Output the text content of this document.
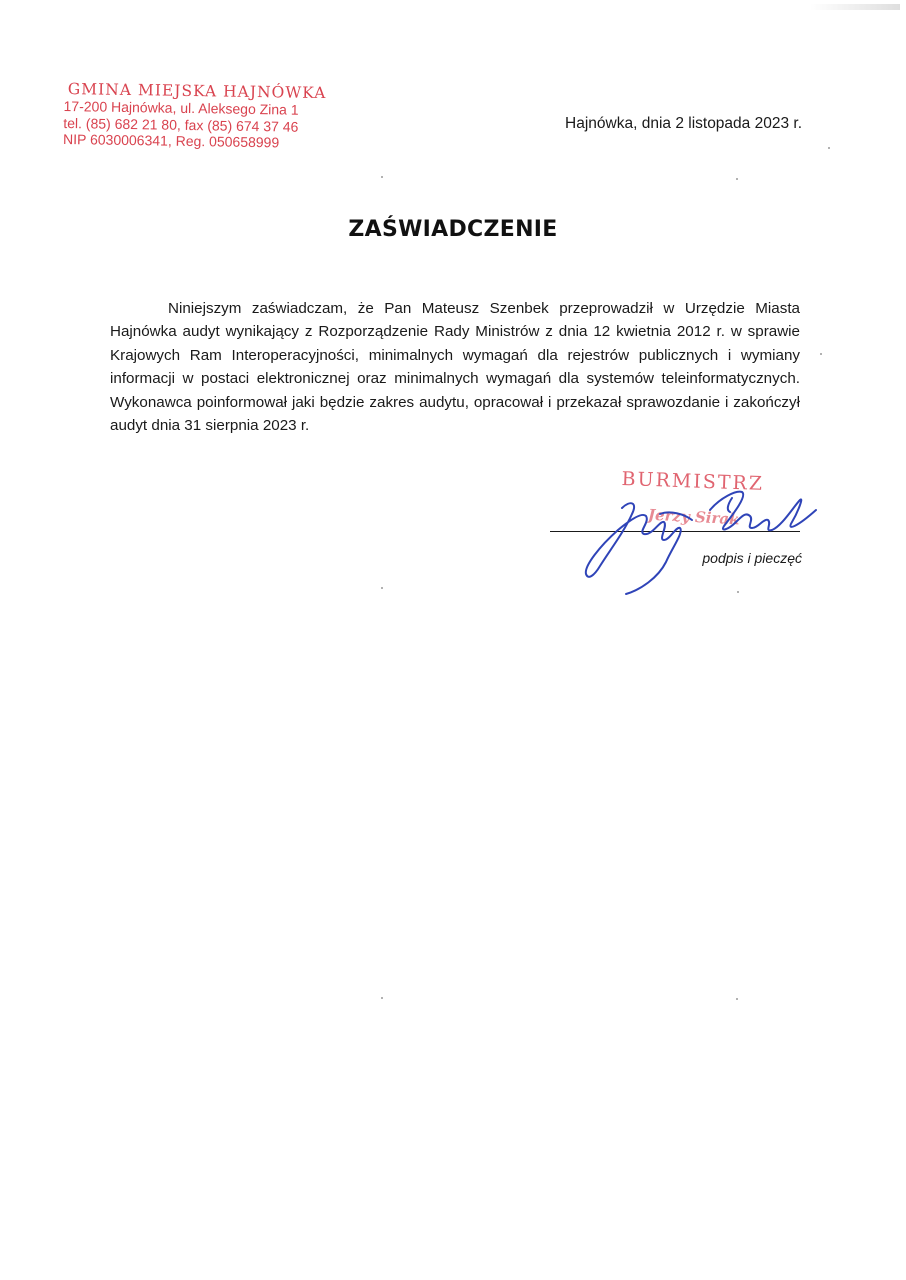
GMINA MIEJSKA HAJNÓWKA
17-200 Hajnówka, ul. Aleksego Zina 1
tel. (85) 682 21 80, fax (85) 674 37 46
NIP 6030006341, Reg. 050658999
Hajnówka, dnia 2 listopada 2023 r.
ZAŚWIADCZENIE

Niniejszym zaświadczam, że Pan Mateusz Szenbek przeprowadził w Urzędzie Miasta Hajnówka audyt wynikający z Rozporządzenie Rady Ministrów z dnia 12 kwietnia 2012 r. w sprawie Krajowych Ram Interoperacyjności, minimalnych wymagań dla rejestrów publicznych i wymiany informacji w postaci elektronicznej oraz minimalnych wymagań dla systemów teleinformatycznych. Wykonawca poinformował jaki będzie zakres audytu, opracował i przekazał sprawozdanie i zakończył audyt dnia 31 sierpnia 2023 r.

BURMISTRZ
Jerzy Sirak
podpis i pieczęć
